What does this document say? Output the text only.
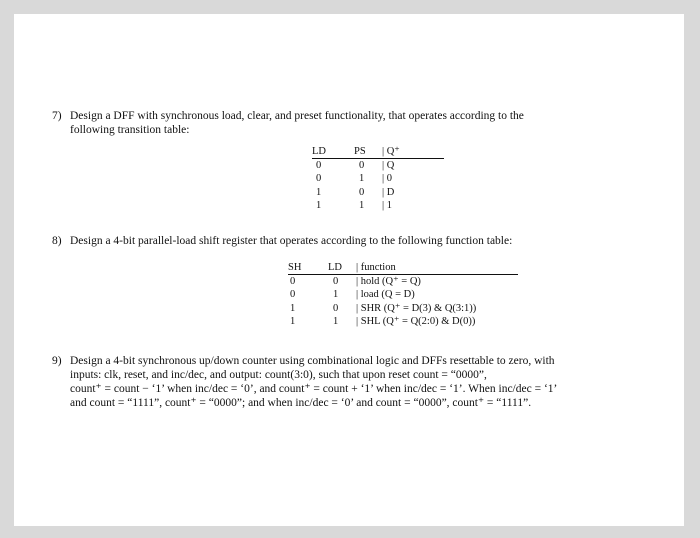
7) Design a DFF with synchronous load, clear, and preset functionality, that operates according to the
following transition table:
LD	PS | Q⁺
0	0 | Q
0	1 | 0
1	0 | D
1	1 | 1
8) Design a 4-bit parallel-load shift register that operates according to the following function table:
SH	LD | function
0	0 | hold (Q⁺ = Q)
0	1 | load (Q = D)
1	0 | SHR (Q⁺ = D(3) & Q(3:1))
1	1 | SHL (Q⁺ = Q(2:0) & D(0))
9) Design a 4-bit synchronous up/down counter using combinational logic and DFFs resettable to zero, with
inputs: clk, reset, and inc/dec, and output: count(3:0), such that upon reset count = “0000”,
count⁺ = count − ‘1’ when inc/dec = ‘0’, and count⁺ = count + ‘1’ when inc/dec = ‘1’. When inc/dec = ‘1’
and count = “1111”, count⁺ = “0000”; and when inc/dec = ‘0’ and count = “0000”, count⁺ = “1111”.
